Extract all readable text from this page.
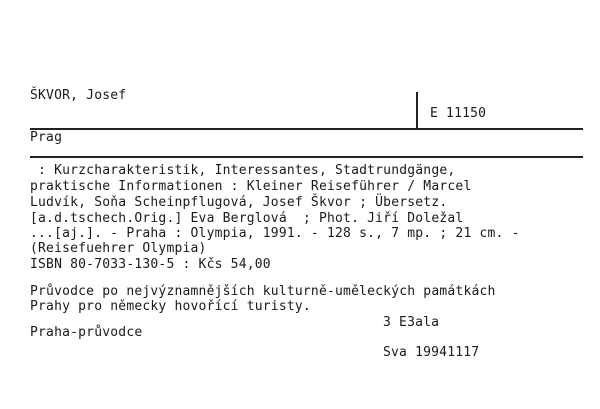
ŠKVOR, Josef
E 11150
Prag
: Kurzcharakteristik, Interessantes, Stadtrundgänge,
praktische Informationen : Kleiner Reiseführer / Marcel
Ludvík, Soňa Scheinpflugová, Josef Škvor ; Übersetz.
[a.d.tschech.Orig.] Eva Berglová  ; Phot. Jiří Doležal
...[aj.]. - Praha : Olympia, 1991. - 128 s., 7 mp. ; 21 cm. -
(Reisefuehrer Olympia)
ISBN 80-7033-130-5 : Kčs 54,00
Průvodce po nejvýznamnějších kulturně-uměleckých památkách
Prahy pro německy hovořící turisty.
3 E3ala
Praha-průvodce
Sva 19941117
